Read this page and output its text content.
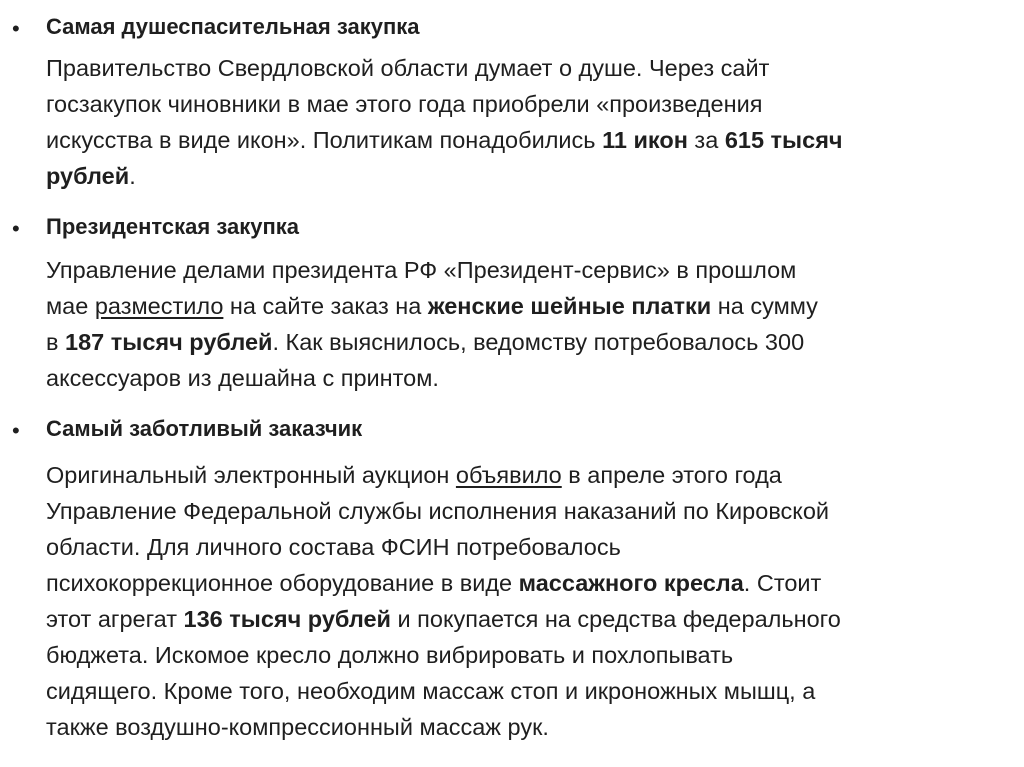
• Самая душеспасительная закупка
Правительство Свердловской области думает о душе. Через сайт
госзакупок чиновники в мае этого года приобрели «произведения
искусства в виде икон». Политикам понадобились 11 икон за 615 тысяч
рублей.
• Президентская закупка
Управление делами президента РФ «Президент-сервис» в прошлом
мае разместило на сайте заказ на женские шейные платки на сумму
в 187 тысяч рублей. Как выяснилось, ведомству потребовалось 300
аксессуаров из дешайна с принтом.
• Самый заботливый заказчик
Оригинальный электронный аукцион объявило в апреле этого года
Управление Федеральной службы исполнения наказаний по Кировской
области. Для личного состава ФСИН потребовалось
психокоррекционное оборудование в виде массажного кресла. Стоит
этот агрегат 136 тысяч рублей и покупается на средства федерального
бюджета. Искомое кресло должно вибрировать и похлопывать
сидящего. Кроме того, необходим массаж стоп и икроножных мышц, а
также воздушно-компрессионный массаж рук.
